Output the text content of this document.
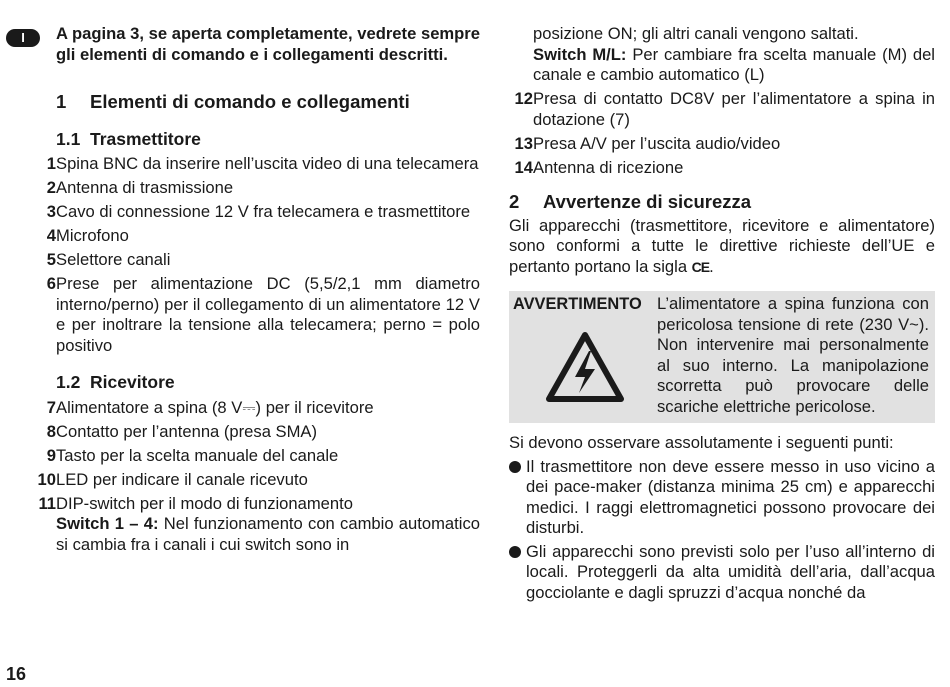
I	A pagina 3, se aperta completamente, vedrete sempre gli elementi di comando e i collegamenti descritti.

1	Elementi di comando e collegamenti
1.1 Trasmettitore
1 Spina BNC da inserire nell’uscita video di una telecamera
2 Antenna di trasmissione
3 Cavo di connessione 12 V fra telecamera e trasmettitore
4 Microfono
5 Selettore canali
6 Prese per alimentazione DC (5,5/2,1 mm diametro interno/perno) per il collegamento di un alimentatore 12 V e per inoltrare la tensione alla telecamera; perno = polo positivo
1.2 Ricevitore
7 Alimentatore a spina (8 V⎓) per il ricevitore
8 Contatto per l’antenna (presa SMA)
9 Tasto per la scelta manuale del canale
10 LED per indicare il canale ricevuto
11 DIP-switch per il modo di funzionamento
Switch 1 – 4: Nel funzionamento con cambio automatico si cambia fra i canali i cui switch sono in
posizione ON; gli altri canali vengono saltati.
Switch M/L: Per cambiare fra scelta manuale (M) del canale e cambio automatico (L)
12 Presa di contatto DC8V per l’alimentatore a spina in dotazione (7)
13 Presa A/V per l’uscita audio/video
14 Antenna di ricezione
2	Avvertenze di sicurezza
Gli apparecchi (trasmettitore, ricevitore e alimentatore) sono conformi a tutte le direttive richieste dell’UE e pertanto portano la sigla CE.
AVVERTIMENTO L’alimentatore a spina funziona con pericolosa tensione di rete (230 V~). Non intervenire mai personalmente al suo interno. La manipolazione scorretta può provocare delle scariche elettriche pericolose.
Si devono osservare assolutamente i seguenti punti:
Il trasmettitore non deve essere messo in uso vicino a dei pace-maker (distanza minima 25 cm) e apparecchi medici. I raggi elettromagnetici possono provocare dei disturbi.
Gli apparecchi sono previsti solo per l’uso all’interno di locali. Proteggerli da alta umidità dell’aria, dall’acqua gocciolante e dagli spruzzi d’acqua nonché da
16
